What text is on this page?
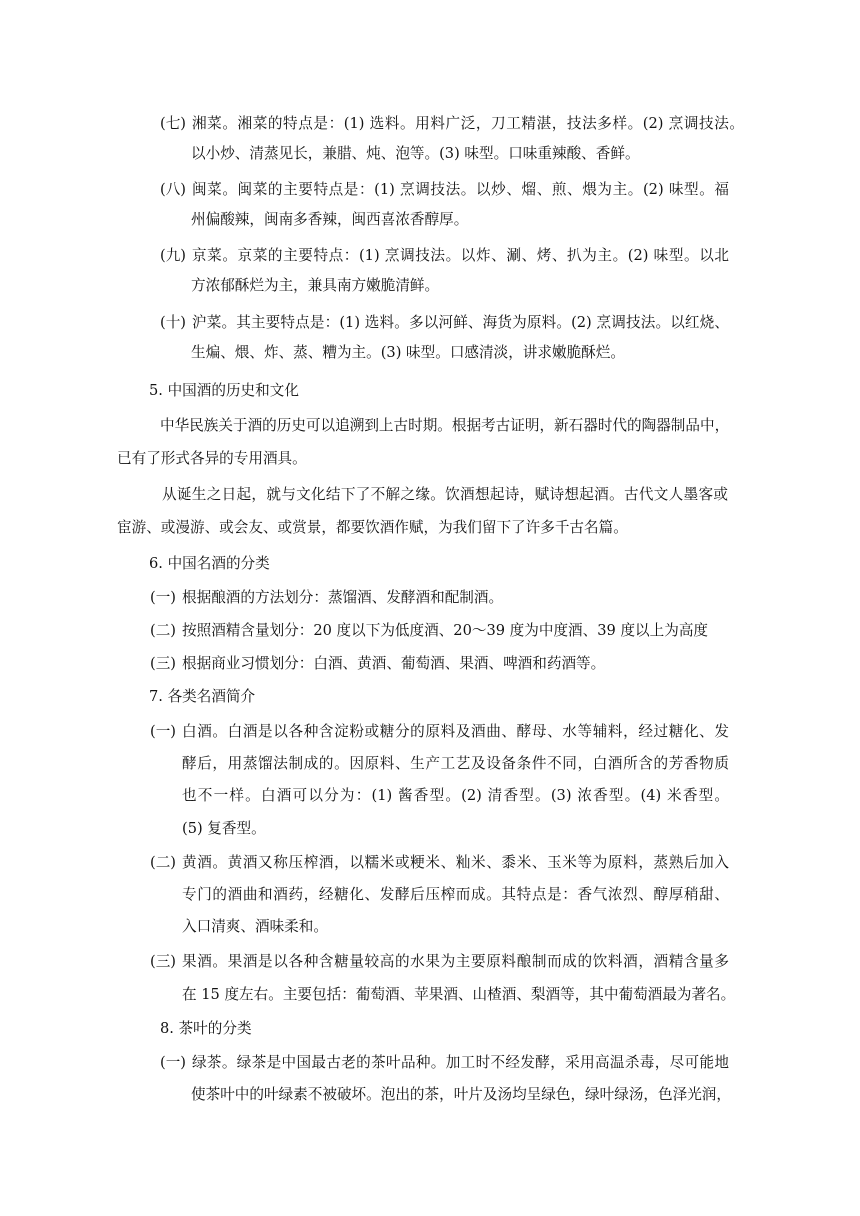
(七) 湘菜。湘菜的特点是：(1) 选料。用料广泛，刀工精湛，技法多样。(2) 烹调技法。
以小炒、清蒸见长，兼腊、炖、泡等。(3) 味型。口味重辣酸、香鲜。
(八) 闽菜。闽菜的主要特点是：(1) 烹调技法。以炒、熘、煎、煨为主。(2) 味型。福
州偏酸辣，闽南多香辣，闽西喜浓香醇厚。
(九) 京菜。京菜的主要特点：(1) 烹调技法。以炸、涮、烤、扒为主。(2) 味型。以北
方浓郁酥烂为主，兼具南方嫩脆清鲜。
(十) 沪菜。其主要特点是：(1) 选料。多以河鲜、海货为原料。(2) 烹调技法。以红烧、
生煸、煨、炸、蒸、糟为主。(3) 味型。口感清淡，讲求嫩脆酥烂。
5. 中国酒的历史和文化
中华民族关于酒的历史可以追溯到上古时期。根据考古证明，新石器时代的陶器制品中，
已有了形式各异的专用酒具。
从诞生之日起，就与文化结下了不解之缘。饮酒想起诗，赋诗想起酒。古代文人墨客或
宦游、或漫游、或会友、或赏景，都要饮酒作赋，为我们留下了许多千古名篇。
6. 中国名酒的分类
(一) 根据酿酒的方法划分：蒸馏酒、发酵酒和配制酒。
(二) 按照酒精含量划分：20 度以下为低度酒、20～39 度为中度酒、39 度以上为高度
(三) 根据商业习惯划分：白酒、黄酒、葡萄酒、果酒、啤酒和药酒等。
7. 各类名酒简介
(一) 白酒。白酒是以各种含淀粉或糖分的原料及酒曲、酵母、水等辅料，经过糖化、发
酵后，用蒸馏法制成的。因原料、生产工艺及设备条件不同，白酒所含的芳香物质
也不一样。白酒可以分为：(1) 酱香型。(2) 清香型。(3) 浓香型。(4) 米香型。
(5) 复香型。
(二) 黄酒。黄酒又称压榨酒，以糯米或粳米、籼米、黍米、玉米等为原料，蒸熟后加入
专门的酒曲和酒药，经糖化、发酵后压榨而成。其特点是：香气浓烈、醇厚稍甜、
入口清爽、酒味柔和。
(三) 果酒。果酒是以各种含糖量较高的水果为主要原料酿制而成的饮料酒，酒精含量多
在 15 度左右。主要包括：葡萄酒、苹果酒、山楂酒、梨酒等，其中葡萄酒最为著名。
8. 茶叶的分类
(一) 绿茶。绿茶是中国最古老的茶叶品种。加工时不经发酵，采用高温杀毒，尽可能地
使茶叶中的叶绿素不被破坏。泡出的茶，叶片及汤均呈绿色，绿叶绿汤，色泽光润，
